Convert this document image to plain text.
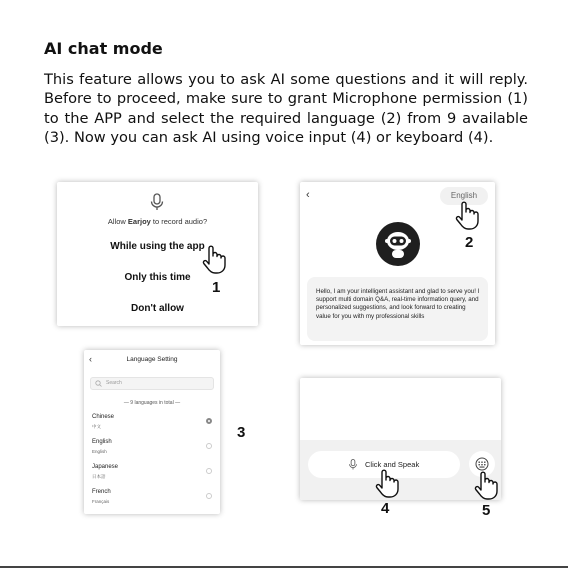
AI chat mode
This feature allows you to ask AI some questions and it will reply. Before to proceed, make sure to grant Microphone permission (1) to the APP and select the required language (2) from 9 available (3). Now you can ask AI using voice input (4) or keyboard (4).
Allow Earjoy to record audio?
While using the app
Only this time
Don't allow
1
‹	English
Hello, I am your intelligent assistant and glad to serve you! I support multi domain Q&A, real-time information query, and personalized suggestions, and look forward to creating value for you with my professional skills
2
‹	Language Setting
Search
— 9 languages in total —
Chinese
中文
English
English
Japanese
日本語
French
Français
3
Click and Speak
4	5
